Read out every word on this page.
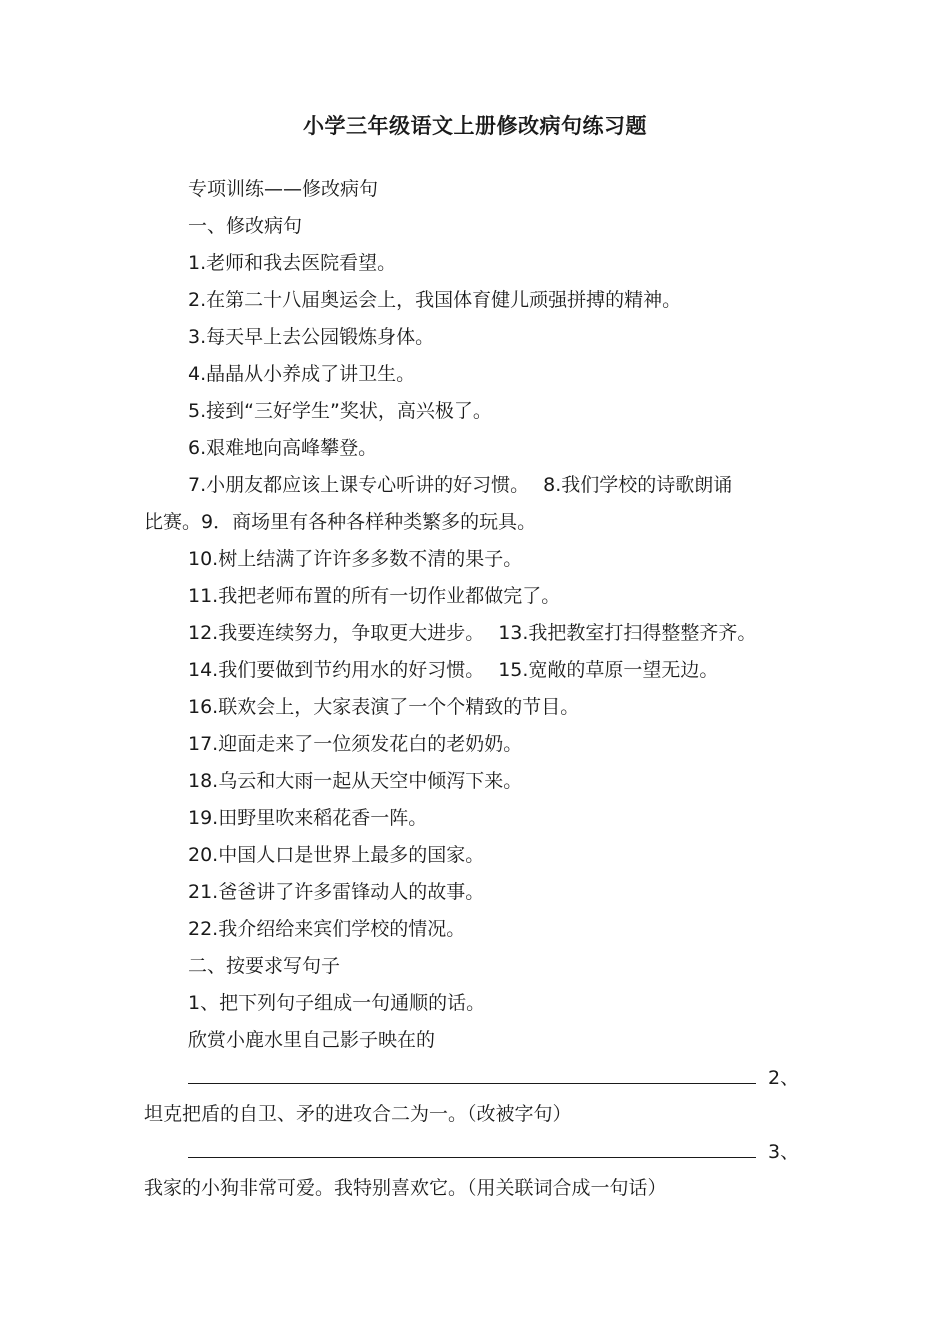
小学三年级语文上册修改病句练习题
专项训练——修改病句
一、修改病句
1.老师和我去医院看望。
2.在第二十八届奥运会上，我国体育健儿顽强拼搏的精神。
3.每天早上去公园锻炼身体。
4.晶晶从小养成了讲卫生。
5.接到“三好学生”奖状，高兴极了。
6.艰难地向高峰攀登。
7.小朋友都应该上课专心听讲的好习惯。 8.我们学校的诗歌朗诵
比赛。9．商场里有各种各样种类繁多的玩具。
10.树上结满了许许多多数不清的果子。
11.我把老师布置的所有一切作业都做完了。
12.我要连续努力，争取更大进步。 13.我把教室打扫得整整齐齐。
14.我们要做到节约用水的好习惯。 15.宽敞的草原一望无边。
16.联欢会上，大家表演了一个个精致的节目。
17.迎面走来了一位须发花白的老奶奶。
18.乌云和大雨一起从天空中倾泻下来。
19.田野里吹来稻花香一阵。
20.中国人口是世界上最多的国家。
21.爸爸讲了许多雷锋动人的故事。
22.我介绍给来宾们学校的情况。
二、按要求写句子
1、把下列句子组成一句通顺的话。
欣赏小鹿水里自己影子映在的
2、
坦克把盾的自卫、矛的进攻合二为一。（改被字句）
3、
我家的小狗非常可爱。我特别喜欢它。（用关联词合成一句话）
